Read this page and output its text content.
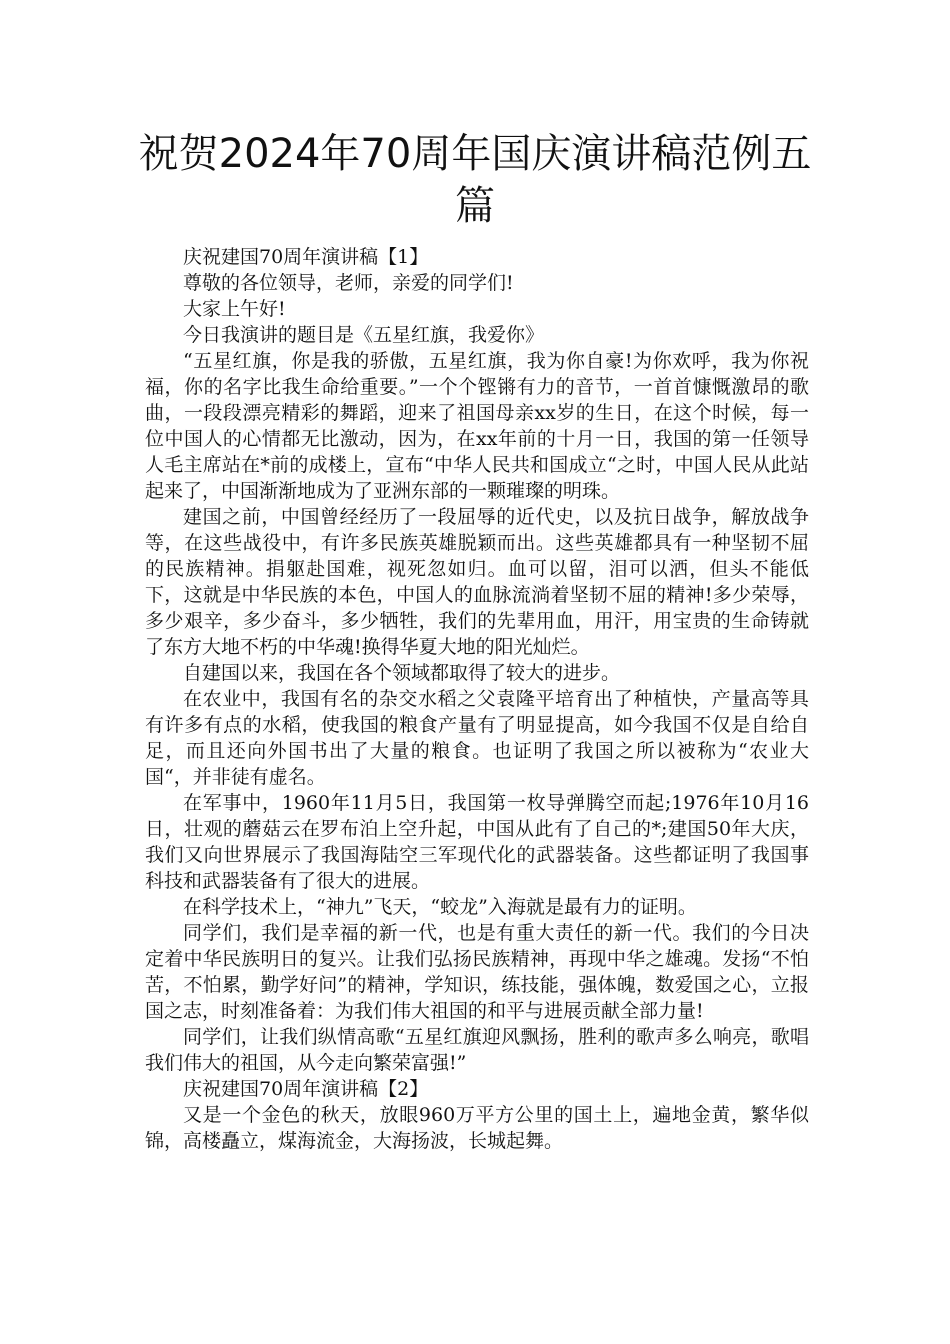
祝贺2024年70周年国庆演讲稿范例五篇

庆祝建国70周年演讲稿【1】

尊敬的各位领导，老师，亲爱的同学们!

大家上午好!

今日我演讲的题目是《五星红旗，我爱你》

“五星红旗，你是我的骄傲，五星红旗，我为你自豪!为你欢呼，我为你祝福，你的名字比我生命给重要。”一个个铿锵有力的音节，一首首慷慨激昂的歌曲，一段段漂亮精彩的舞蹈，迎来了祖国母亲xx岁的生日，在这个时候，每一位中国人的心情都无比激动，因为，在xx年前的十月一日，我国的第一任领导人毛主席站在*前的成楼上，宣布“中华人民共和国成立“之时，中国人民从此站起来了，中国渐渐地成为了亚洲东部的一颗璀璨的明珠。

建国之前，中国曾经经历了一段屈辱的近代史，以及抗日战争，解放战争等，在这些战役中，有许多民族英雄脱颖而出。这些英雄都具有一种坚韧不屈的民族精神。捐躯赴国难，视死忽如归。血可以留，泪可以洒，但头不能低下，这就是中华民族的本色，中国人的血脉流淌着坚韧不屈的精神!多少荣辱，多少艰辛，多少奋斗，多少牺牲，我们的先辈用血，用汗，用宝贵的生命铸就了东方大地不朽的中华魂!换得华夏大地的阳光灿烂。

自建国以来，我国在各个领域都取得了较大的进步。

在农业中，我国有名的杂交水稻之父袁隆平培育出了种植快，产量高等具有许多有点的水稻，使我国的粮食产量有了明显提高，如今我国不仅是自给自足，而且还向外国书出了大量的粮食。也证明了我国之所以被称为“农业大国“，并非徒有虚名。

在军事中，1960年11月5日，我国第一枚导弹腾空而起;1976年10月16日，壮观的蘑菇云在罗布泊上空升起，中国从此有了自己的*;建国50年大庆，我们又向世界展示了我国海陆空三军现代化的武器装备。这些都证明了我国事科技和武器装备有了很大的进展。

在科学技术上，“神九”飞天，“蛟龙”入海就是最有力的证明。

同学们，我们是幸福的新一代，也是有重大责任的新一代。我们的今日决定着中华民族明日的复兴。让我们弘扬民族精神，再现中华之雄魂。发扬“不怕苦，不怕累，勤学好问”的精神，学知识，练技能，强体魄，数爱国之心，立报国之志，时刻准备着：为我们伟大祖国的和平与进展贡献全部力量!

同学们，让我们纵情高歌“五星红旗迎风飘扬，胜利的歌声多么响亮，歌唱我们伟大的祖国，从今走向繁荣富强!”

庆祝建国70周年演讲稿【2】

又是一个金色的秋天，放眼960万平方公里的国土上，遍地金黄，繁华似锦，高楼矗立，煤海流金，大海扬波，长城起舞。
